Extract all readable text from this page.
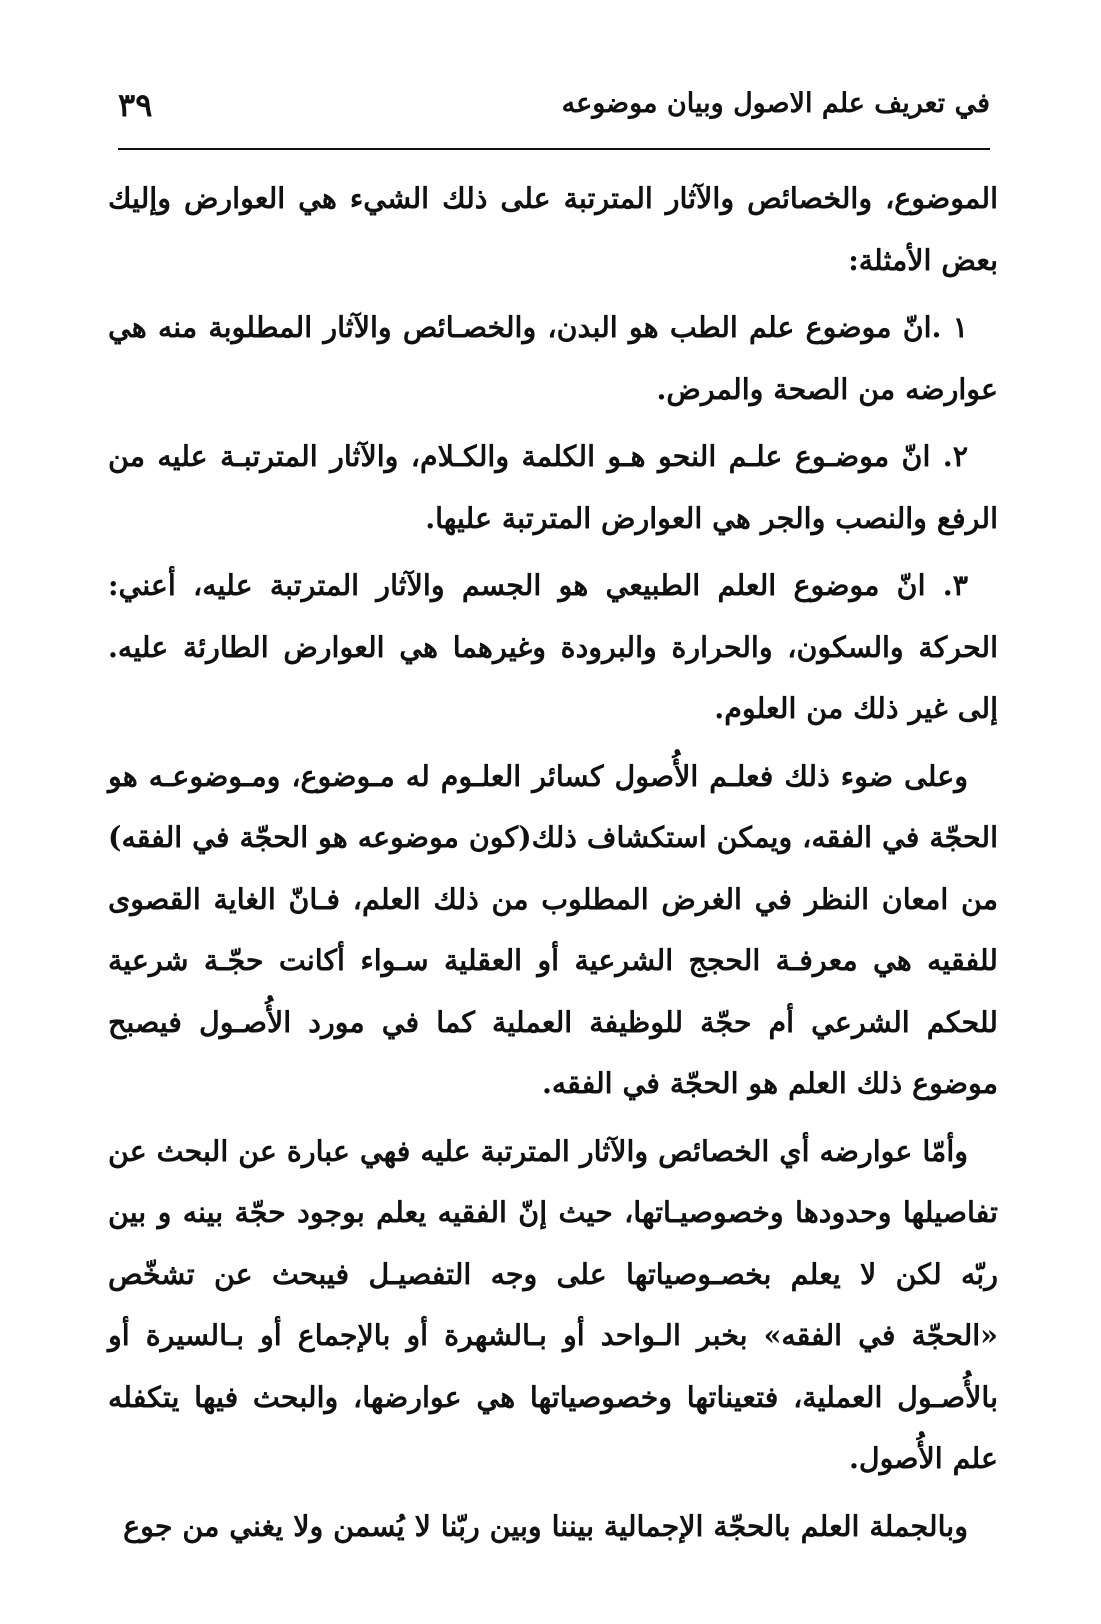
٣٩	في تعريف علم الاصول وبيان موضوعه

الموضوع، والخصائص والآثار المترتبة على ذلك الشيء هي العوارض وإليك بعض الأمثلة:

١ .انّ موضوع علم الطب هو البدن، والخصـائص والآثار المطلوبة منه هي عوارضه من الصحة والمرض.

٢. انّ موضـوع علـم النحو هـو الكلمة والكـلام، والآثار المترتبـة عليه من الرفع والنصب والجر هي العوارض المترتبة عليها.

٣. انّ موضوع العلم الطبيعي هو الجسم والآثار المترتبة عليه، أعني: الحركة والسكون، والحرارة والبرودة وغيرهما هي العوارض الطارئة عليه. إلى غير ذلك من العلوم.

وعلى ضوء ذلك فعلـم الأُصول كسائر العلـوم له مـوضوع، ومـوضوعـه هو الحجّة في الفقه، ويمكن استكشاف ذلك(كون موضوعه هو الحجّة في الفقه) من امعان النظر في الغرض المطلوب من ذلك العلم، فـانّ الغاية القصوى للفقيه هي معرفـة الحجج الشرعية أو العقلية سـواء أكانت حجّـة شرعية للحكم الشرعي أم حجّة للوظيفة العملية كما في مورد الأُصـول فيصبح موضوع ذلك العلم هو الحجّة في الفقه.

وأمّا عوارضه أي الخصائص والآثار المترتبة عليه فهي عبارة عن البحث عن تفاصيلها وحدودها وخصوصيـاتها، حيث إنّ الفقيه يعلم بوجود حجّة بينه و بين ربّه لكن لا يعلم بخصـوصياتها على وجه التفصيـل فيبحث عن تشخّص «الحجّة في الفقه» بخبر الـواحد أو بـالشهرة أو بالإجماع أو بـالسيرة أو بالأُصـول العملية، فتعيناتها وخصوصياتها هي عوارضها، والبحث فيها يتكفله علم الأُصول.

وبالجملة العلم بالحجّة الإجمالية بيننا وبين ربّنا لا يُسمن ولا يغني من جوع
